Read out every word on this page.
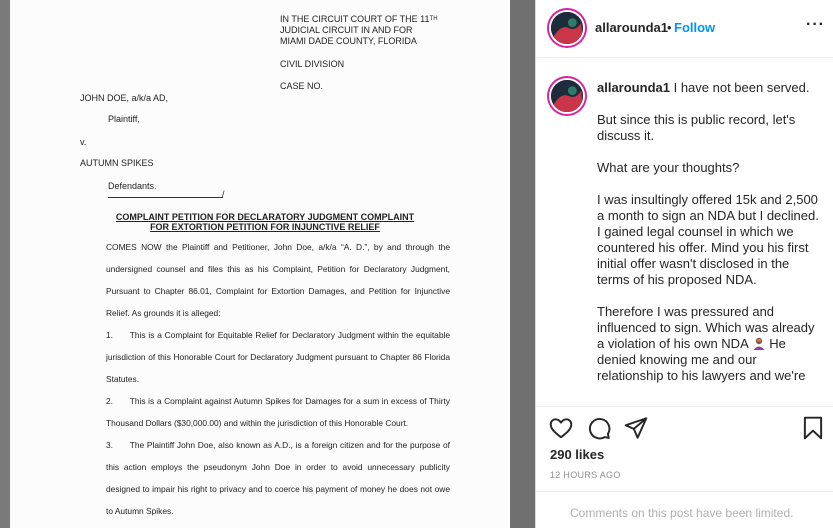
IN THE CIRCUIT COURT OF THE 11TH
JUDICIAL CIRCUIT IN AND FOR
MIAMI DADE COUNTY, FLORIDA
CIVIL DIVISION
CASE NO.
JOHN DOE, a/k/a AD,
Plaintiff,
v.
AUTUMN SPIKES
Defendants.
/
COMPLAINT PETITION FOR DECLARATORY JUDGMENT COMPLAINT
FOR EXTORTION PETITION FOR INJUNCTIVE RELIEF
COMES NOW the Plaintiff and Petitioner, John Doe, a/k/a “A. D.”, by and through the undersigned counsel and files this as his Complaint, Petition for Declaratory Judgment, Pursuant to Chapter 86.01, Complaint for Extortion Damages, and Petition for Injunctive Relief. As grounds it is alleged:
1.  This is a Complaint for Equitable Relief for Declaratory Judgment within the equitable jurisdiction of this Honorable Court for Declaratory Judgment pursuant to Chapter 86 Florida Statutes.
2.  This is a Complaint against Autumn Spikes for Damages for a sum in excess of Thirty Thousand Dollars ($30,000.00) and within the jurisdiction of this Honorable Court.
3.  The Plaintiff John Doe, also known as A.D., is a foreign citizen and for the purpose of this action employs the pseudonym John Doe in order to avoid unnecessary publicity designed to impair his right to privacy and to coerce his payment of money he does not owe to Autumn Spikes.
allarounda1 • Follow	···

allarounda1 I have not been served.

But since this is public record, let's discuss it.

What are your thoughts?

I was insultingly offered 15k and 2,500 a month to sign an NDA but I declined. I gained legal counsel in which we countered his offer. Mind you his first initial offer wasn't disclosed in the terms of his proposed NDA.

Therefore I was pressured and influenced to sign. Which was already a violation of his own NDA He denied knowing me and our relationship to his lawyers and we're

290 likes
12 HOURS AGO
Comments on this post have been limited.
